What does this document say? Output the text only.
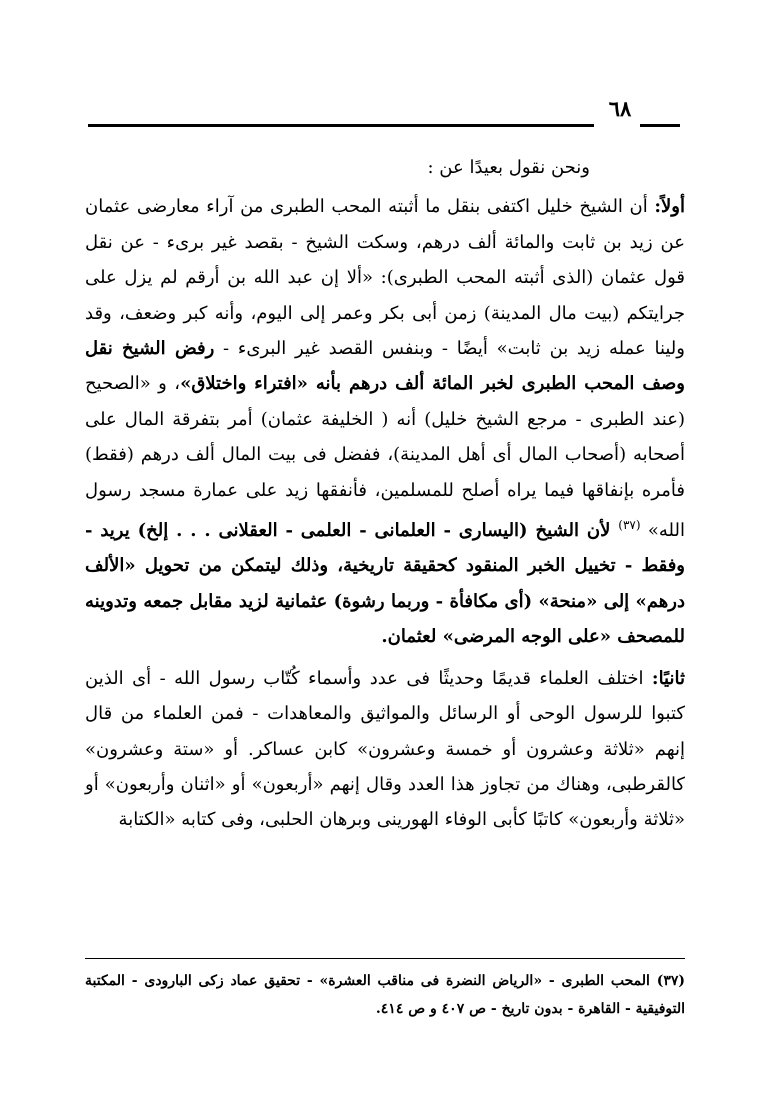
٦٨

ونحن نقول بعيدًا عن :

أولاً: أن الشيخ خليل اكتفى بنقل ما أثبته المحب الطبرى من آراء معارضى عثمان عن زيد بن ثابت والمائة ألف درهم، وسكت الشيخ - بقصد غير برىء - عن نقل قول عثمان (الذى أثبته المحب الطبرى): «ألا إن عبد الله بن أرقم لم يزل على جرايتكم (بيت مال المدينة) زمن أبى بكر وعمر إلى اليوم، وأنه كبر وضعف، وقد ولينا عمله زيد بن ثابت» أيضًا - وبنفس القصد غير البرىء - رفض الشيخ نقل وصف المحب الطبرى لخبر المائة ألف درهم بأنه «افتراء واختلاق»، و «الصحيح (عند الطبرى - مرجع الشيخ خليل) أنه ( الخليفة عثمان) أمر بتفرقة المال على أصحابه (أصحاب المال أى أهل المدينة)، ففضل فى بيت المال ألف درهم (فقط) فأمره بإنفاقها فيما يراه أصلح للمسلمين، فأنفقها زيد على عمارة مسجد رسول الله» $^{(٣٧)}$ لأن الشيخ (اليسارى - العلمانى - العلمى - العقلانى . . . إلخ) يريد - وفقط - تخييل الخبر المنقود كحقيقة تاريخية، وذلك ليتمكن من تحويل «الألف درهم» إلى «منحة» (أى مكافأة - وربما رشوة) عثمانية لزيد مقابل جمعه وتدوينه للمصحف «على الوجه المرضى» لعثمان.

ثانيًا: اختلف العلماء قديمًا وحديثًا فى عدد وأسماء كُتّاب رسول الله - أى الذين كتبوا للرسول الوحى أو الرسائل والمواثيق والمعاهدات - فمن العلماء من قال إنهم «ثلاثة وعشرون أو خمسة وعشرون» كابن عساكر. أو «ستة وعشرون» كالقرطبى، وهناك من تجاوز هذا العدد وقال إنهم «أربعون» أو «اثنان وأربعون» أو «ثلاثة وأربعون» كاتبًا كأبى الوفاء الهورينى وبرهان الحلبى، وفى كتابه «الكتابة

(٣٧) المحب الطبرى - «الرياض النضرة فى مناقب العشرة» - تحقيق عماد زكى البارودى - المكتبة التوفيقية - القاهرة - بدون تاريخ - ص ٤٠٧ و ص ٤١٤.
